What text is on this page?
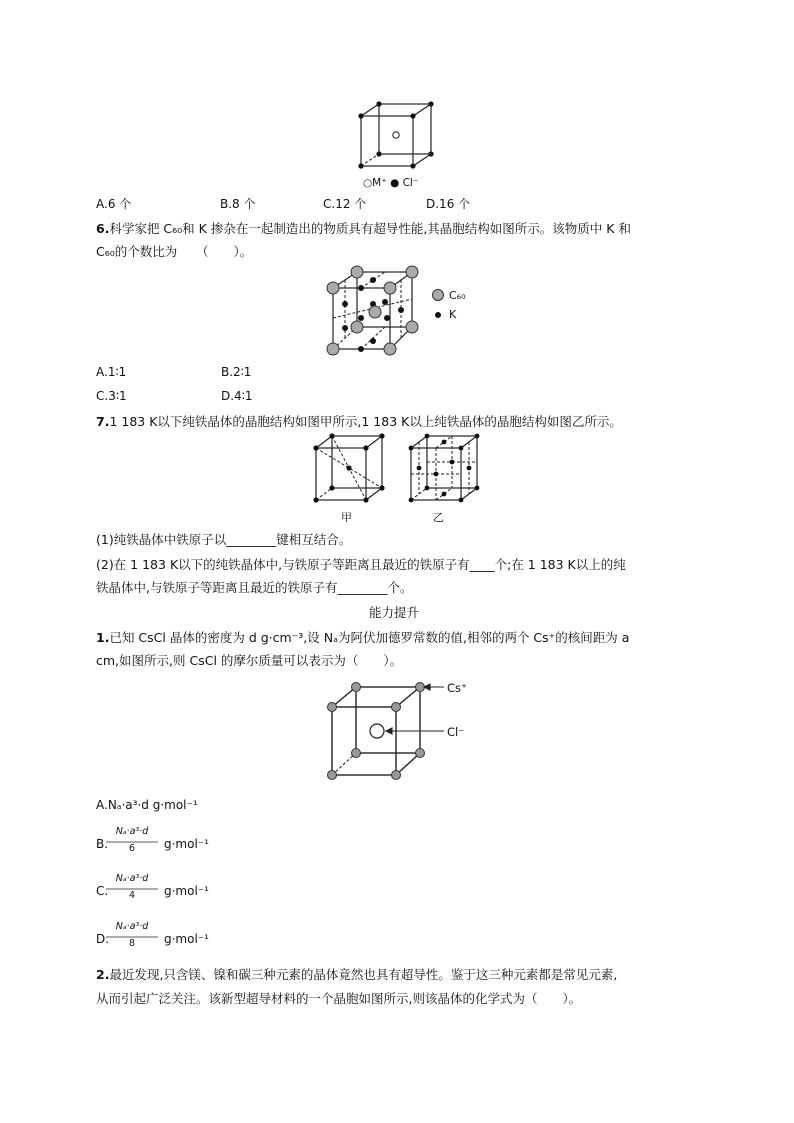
○M⁺ ● Cl⁻
A.6 个	B.8 个	C.12 个	D.16 个
6.科学家把 C₆₀和 K 掺杂在一起制造出的物质具有超导性能,其晶胞结构如图所示。该物质中 K 和
C₆₀的个数比为　　（　　）。
C₆₀
K
A.1∶1	B.2∶1
C.3∶1	D.4∶1
7.1 183 K以下纯铁晶体的晶胞结构如图甲所示,1 183 K以上纯铁晶体的晶胞结构如图乙所示。
甲	乙
(1)纯铁晶体中铁原子以________键相互结合。
(2)在 1 183 K以下的纯铁晶体中,与铁原子等距离且最近的铁原子有____个;在 1 183 K以上的纯
铁晶体中,与铁原子等距离且最近的铁原子有________个。
能力提升
1.已知 CsCl 晶体的密度为 d g·cm⁻³,设 Nₐ为阿伏加德罗常数的值,相邻的两个 Cs⁺的核间距为 a
cm,如图所示,则 CsCl 的摩尔质量可以表示为（　　）。
Cs⁺
Cl⁻
A.Nₐ·a³·d g·mol⁻¹
B.
Nₐ·a³·d
6	g·mol⁻¹
C.
Nₐ·a³·d
4	g·mol⁻¹
D.
Nₐ·a³·d
8	g·mol⁻¹
2.最近发现,只含镁、镍和碳三种元素的晶体竟然也具有超导性。鉴于这三种元素都是常见元素,
从而引起广泛关注。该新型超导材料的一个晶胞如图所示,则该晶体的化学式为（　　）。
